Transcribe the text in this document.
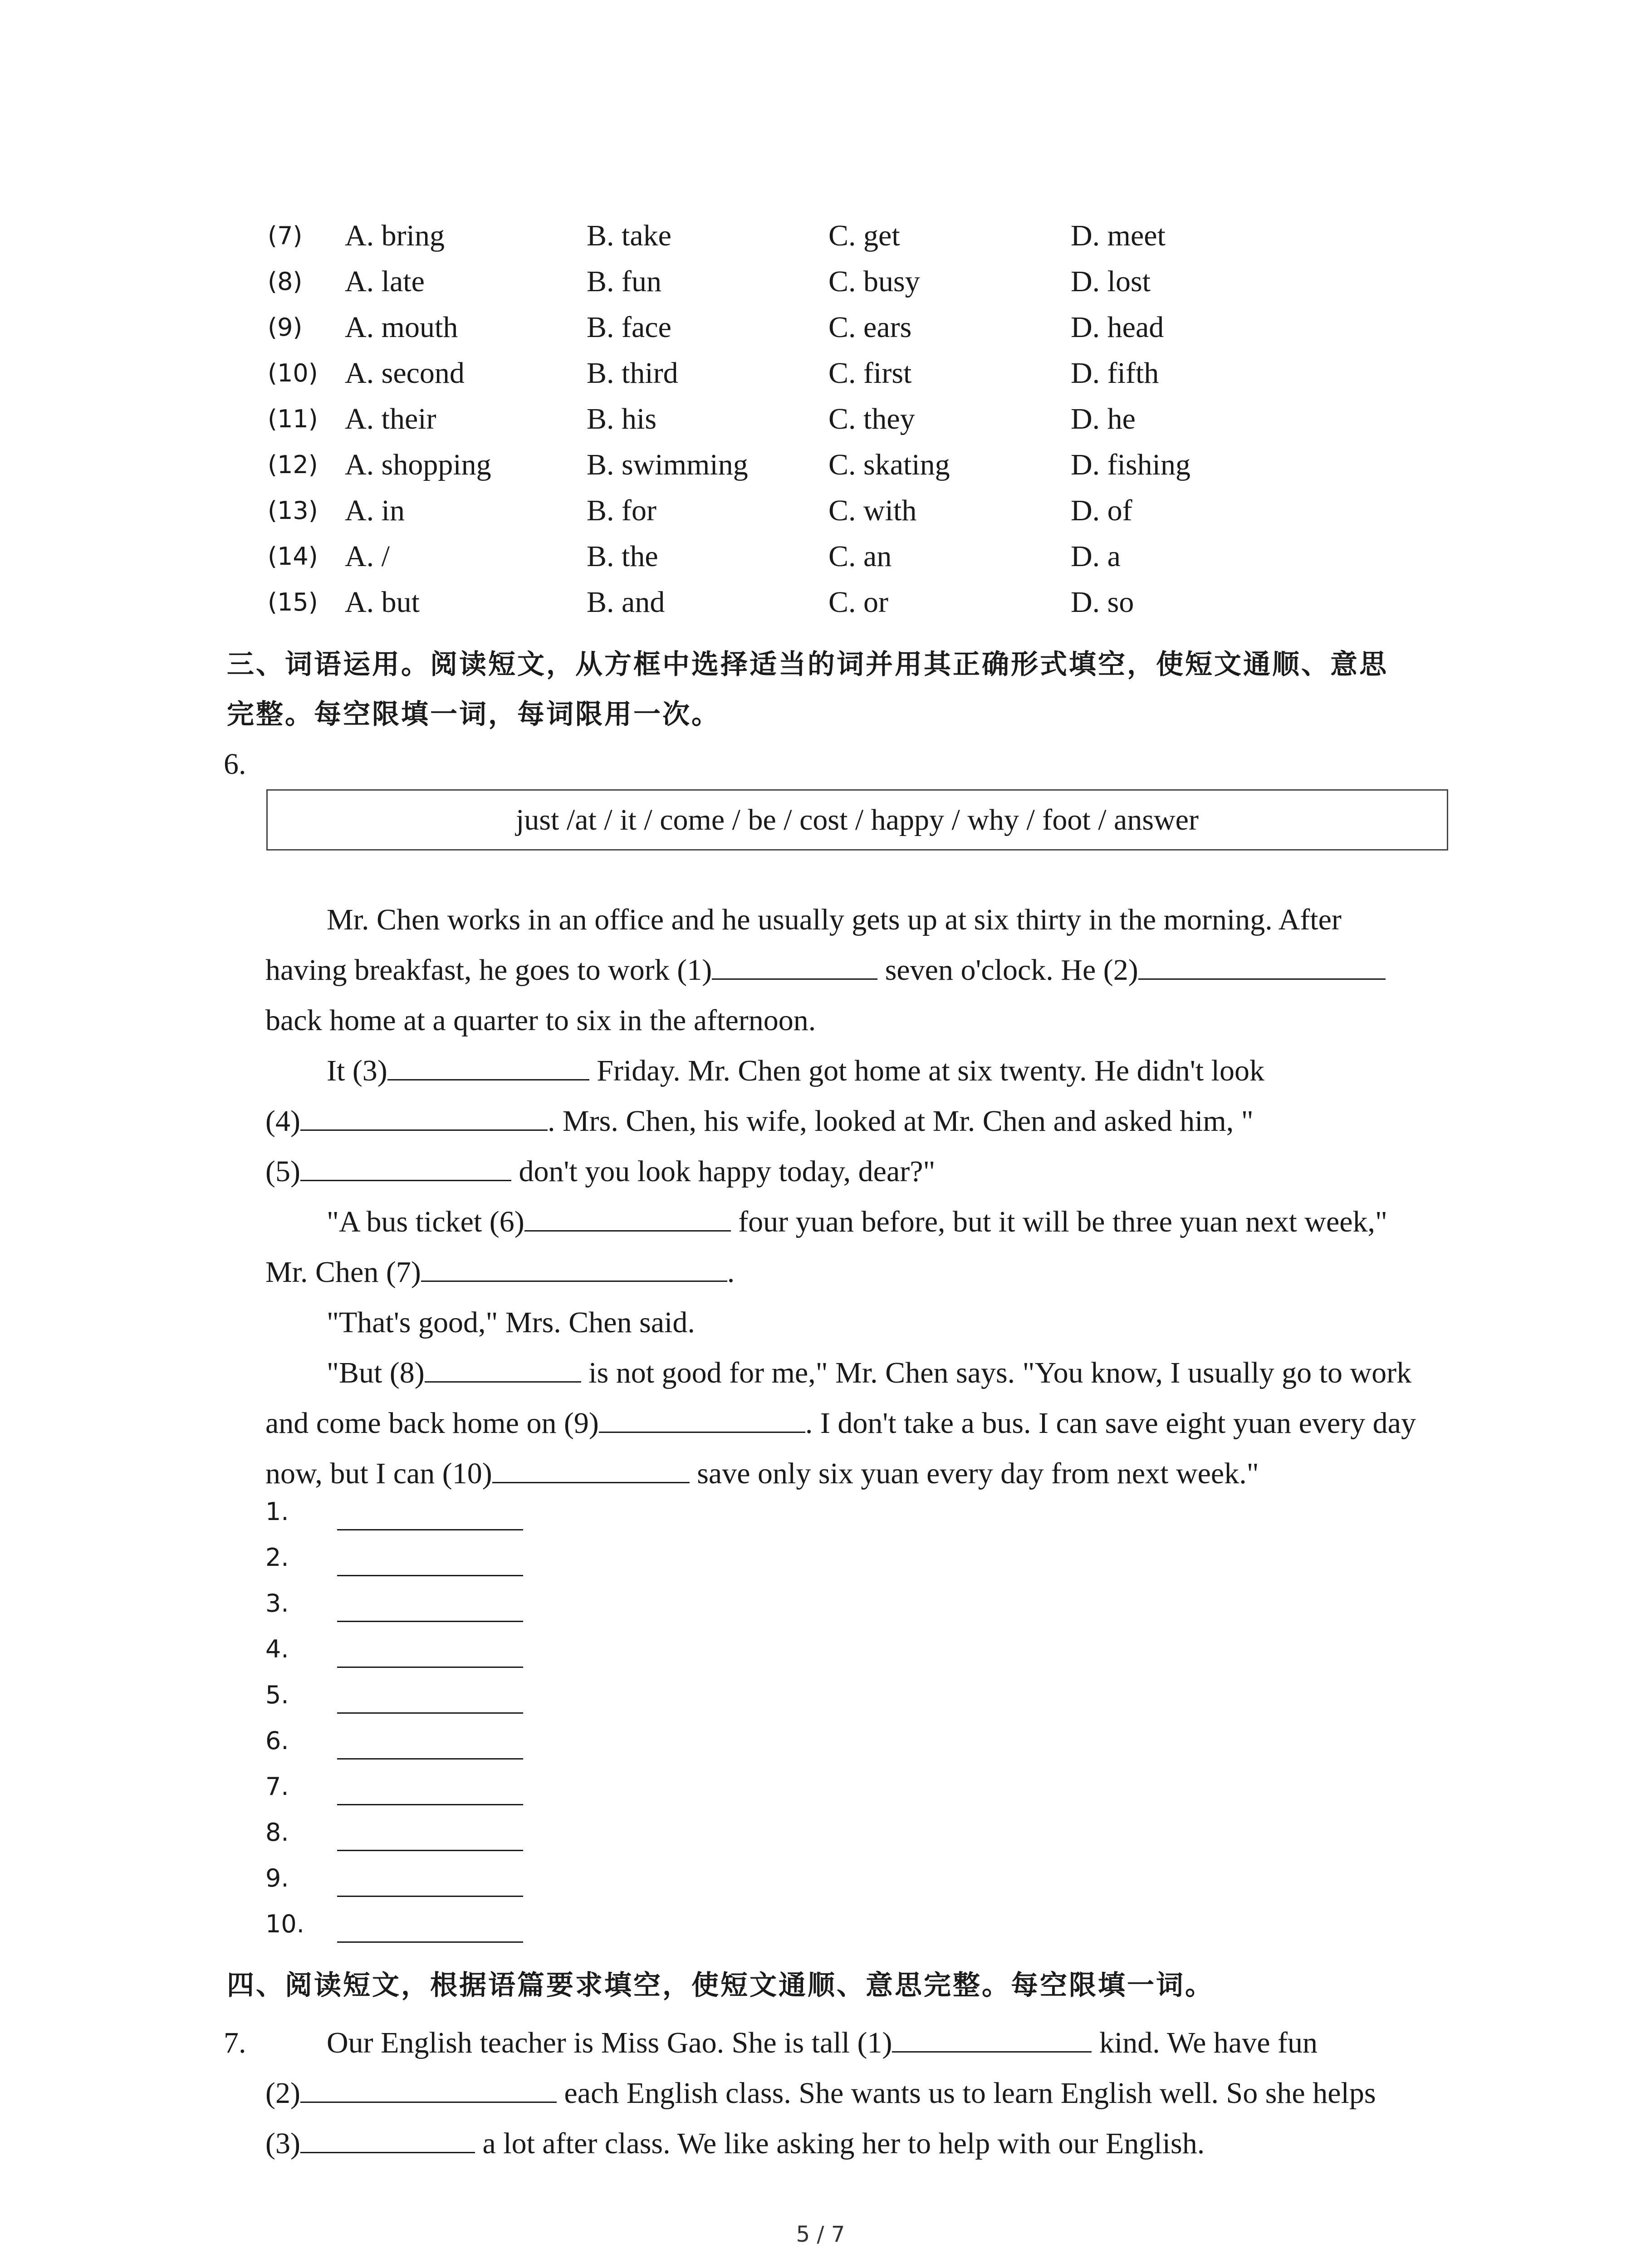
(7) A. bring	B. take	C. get	D. meet
(8) A. late	B. fun	C. busy	D. lost
(9) A. mouth	B. face	C. ears	D. head
(10) A. second	B. third	C. first	D. fifth
(11) A. their	B. his	C. they	D. he
(12) A. shopping	B. swimming	C. skating	D. fishing
(13) A. in	B. for	C. with	D. of
(14) A. /	B. the	C. an	D. a
(15) A. but	B. and	C. or	D. so
三、词语运用。阅读短文，从方框中选择适当的词并用其正确形式填空，使短文通顺、意思
完整。每空限填一词，每词限用一次。
6.
just /at / it / come / be / cost / happy / why / foot / answer

Mr. Chen works in an office and he usually gets up at six thirty in the morning. After

having breakfast, he goes to work (1)	seven o'clock. He (2)

back home at a quarter to six in the afternoon.

It (3)	Friday. Mr. Chen got home at six twenty. He didn't look

(4)	. Mrs. Chen, his wife, looked at Mr. Chen and asked him, "

(5)	don't you look happy today, dear?"

"A bus ticket (6)	four yuan before, but it will be three yuan next week,"

Mr. Chen (7)	.

"That's good," Mrs. Chen said.

"But (8)	is not good for me," Mr. Chen says. "You know, I usually go to work

and come back home on (9)	. I don't take a bus. I can save eight yuan every day

now, but I can (10)	save only six yuan every day from next week."

1.
2.
3.
4.
5.
6.
7.
8.
9.
10.
四、阅读短文，根据语篇要求填空，使短文通顺、意思完整。每空限填一词。
7.	Our English teacher is Miss Gao. She is tall (1)	kind. We have fun

(2)	each English class. She wants us to learn English well. So she helps

(3)	a lot after class. We like asking her to help with our English.

5 / 7
